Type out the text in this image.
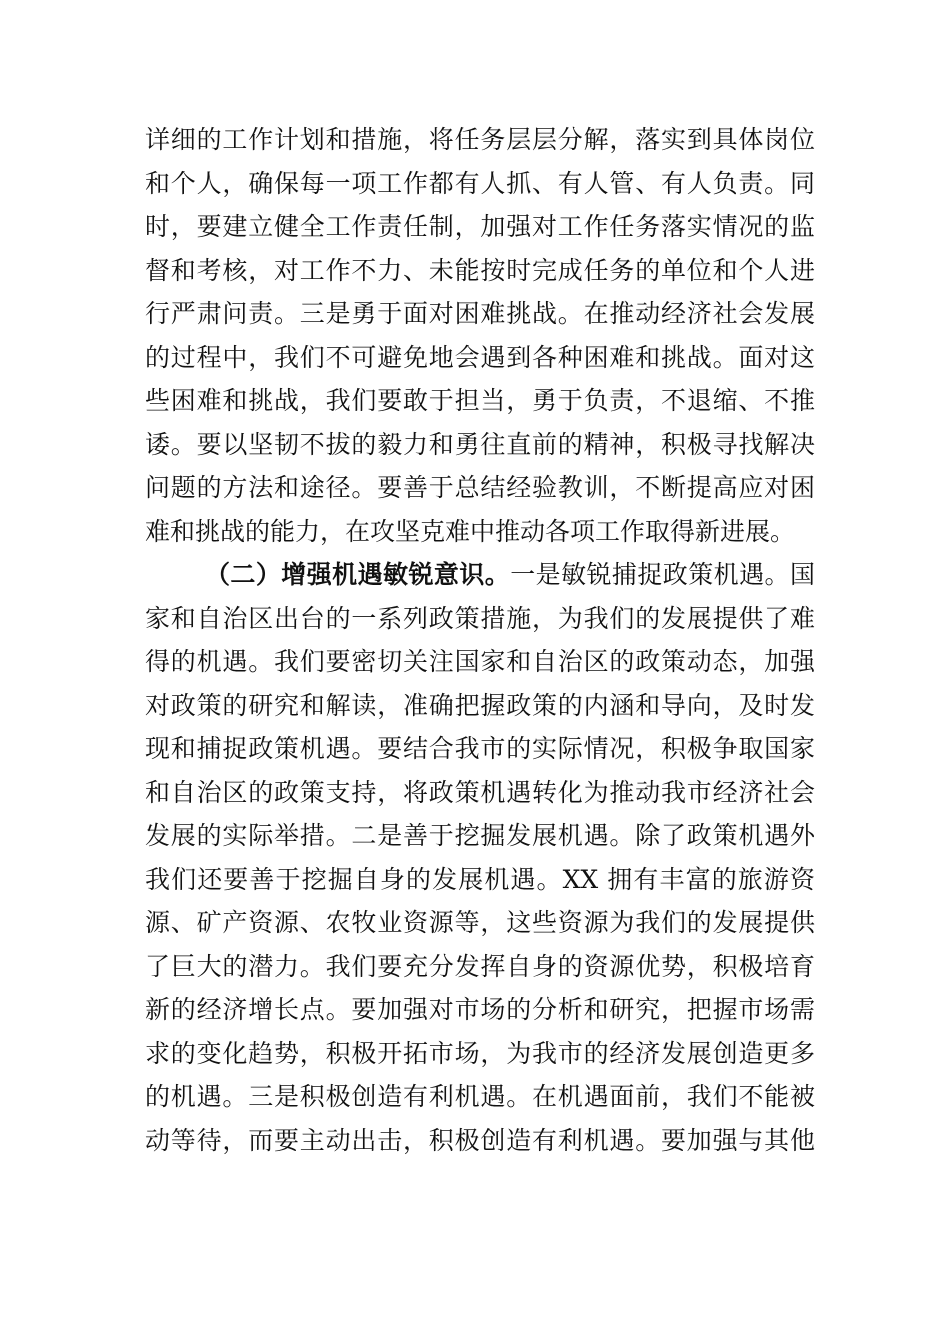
详细的工作计划和措施，将任务层层分解，落实到具体岗位
和个人，确保每一项工作都有人抓、有人管、有人负责。同
时，要建立健全工作责任制，加强对工作任务落实情况的监
督和考核，对工作不力、未能按时完成任务的单位和个人进
行严肃问责。三是勇于面对困难挑战。在推动经济社会发展
的过程中，我们不可避免地会遇到各种困难和挑战。面对这
些困难和挑战，我们要敢于担当，勇于负责，不退缩、不推
诿。要以坚韧不拔的毅力和勇往直前的精神，积极寻找解决
问题的方法和途径。要善于总结经验教训，不断提高应对困
难和挑战的能力，在攻坚克难中推动各项工作取得新进展。
（二）增强机遇敏锐意识。一是敏锐捕捉政策机遇。国
家和自治区出台的一系列政策措施，为我们的发展提供了难
得的机遇。我们要密切关注国家和自治区的政策动态，加强
对政策的研究和解读，准确把握政策的内涵和导向，及时发
现和捕捉政策机遇。要结合我市的实际情况，积极争取国家
和自治区的政策支持，将政策机遇转化为推动我市经济社会
发展的实际举措。二是善于挖掘发展机遇。除了政策机遇外
我们还要善于挖掘自身的发展机遇。XX 拥有丰富的旅游资
源、矿产资源、农牧业资源等，这些资源为我们的发展提供
了巨大的潜力。我们要充分发挥自身的资源优势，积极培育
新的经济增长点。要加强对市场的分析和研究，把握市场需
求的变化趋势，积极开拓市场，为我市的经济发展创造更多
的机遇。三是积极创造有利机遇。在机遇面前，我们不能被
动等待，而要主动出击，积极创造有利机遇。要加强与其他
